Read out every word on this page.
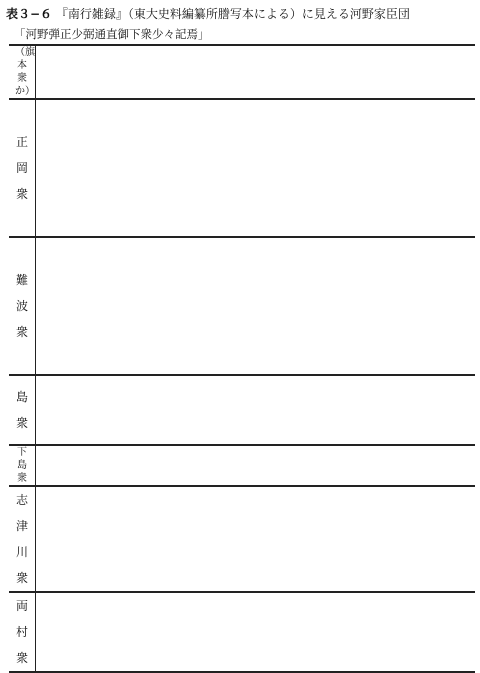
表３−６ 『南行雑録』（東大史料編纂所謄写本による）に見える河野家臣団
「河野弾正少弼通直御下衆少々記焉」
（旗本衆か）	

正岡衆	

難波衆	

島衆	

下島衆	

志津川衆	

両村衆	
